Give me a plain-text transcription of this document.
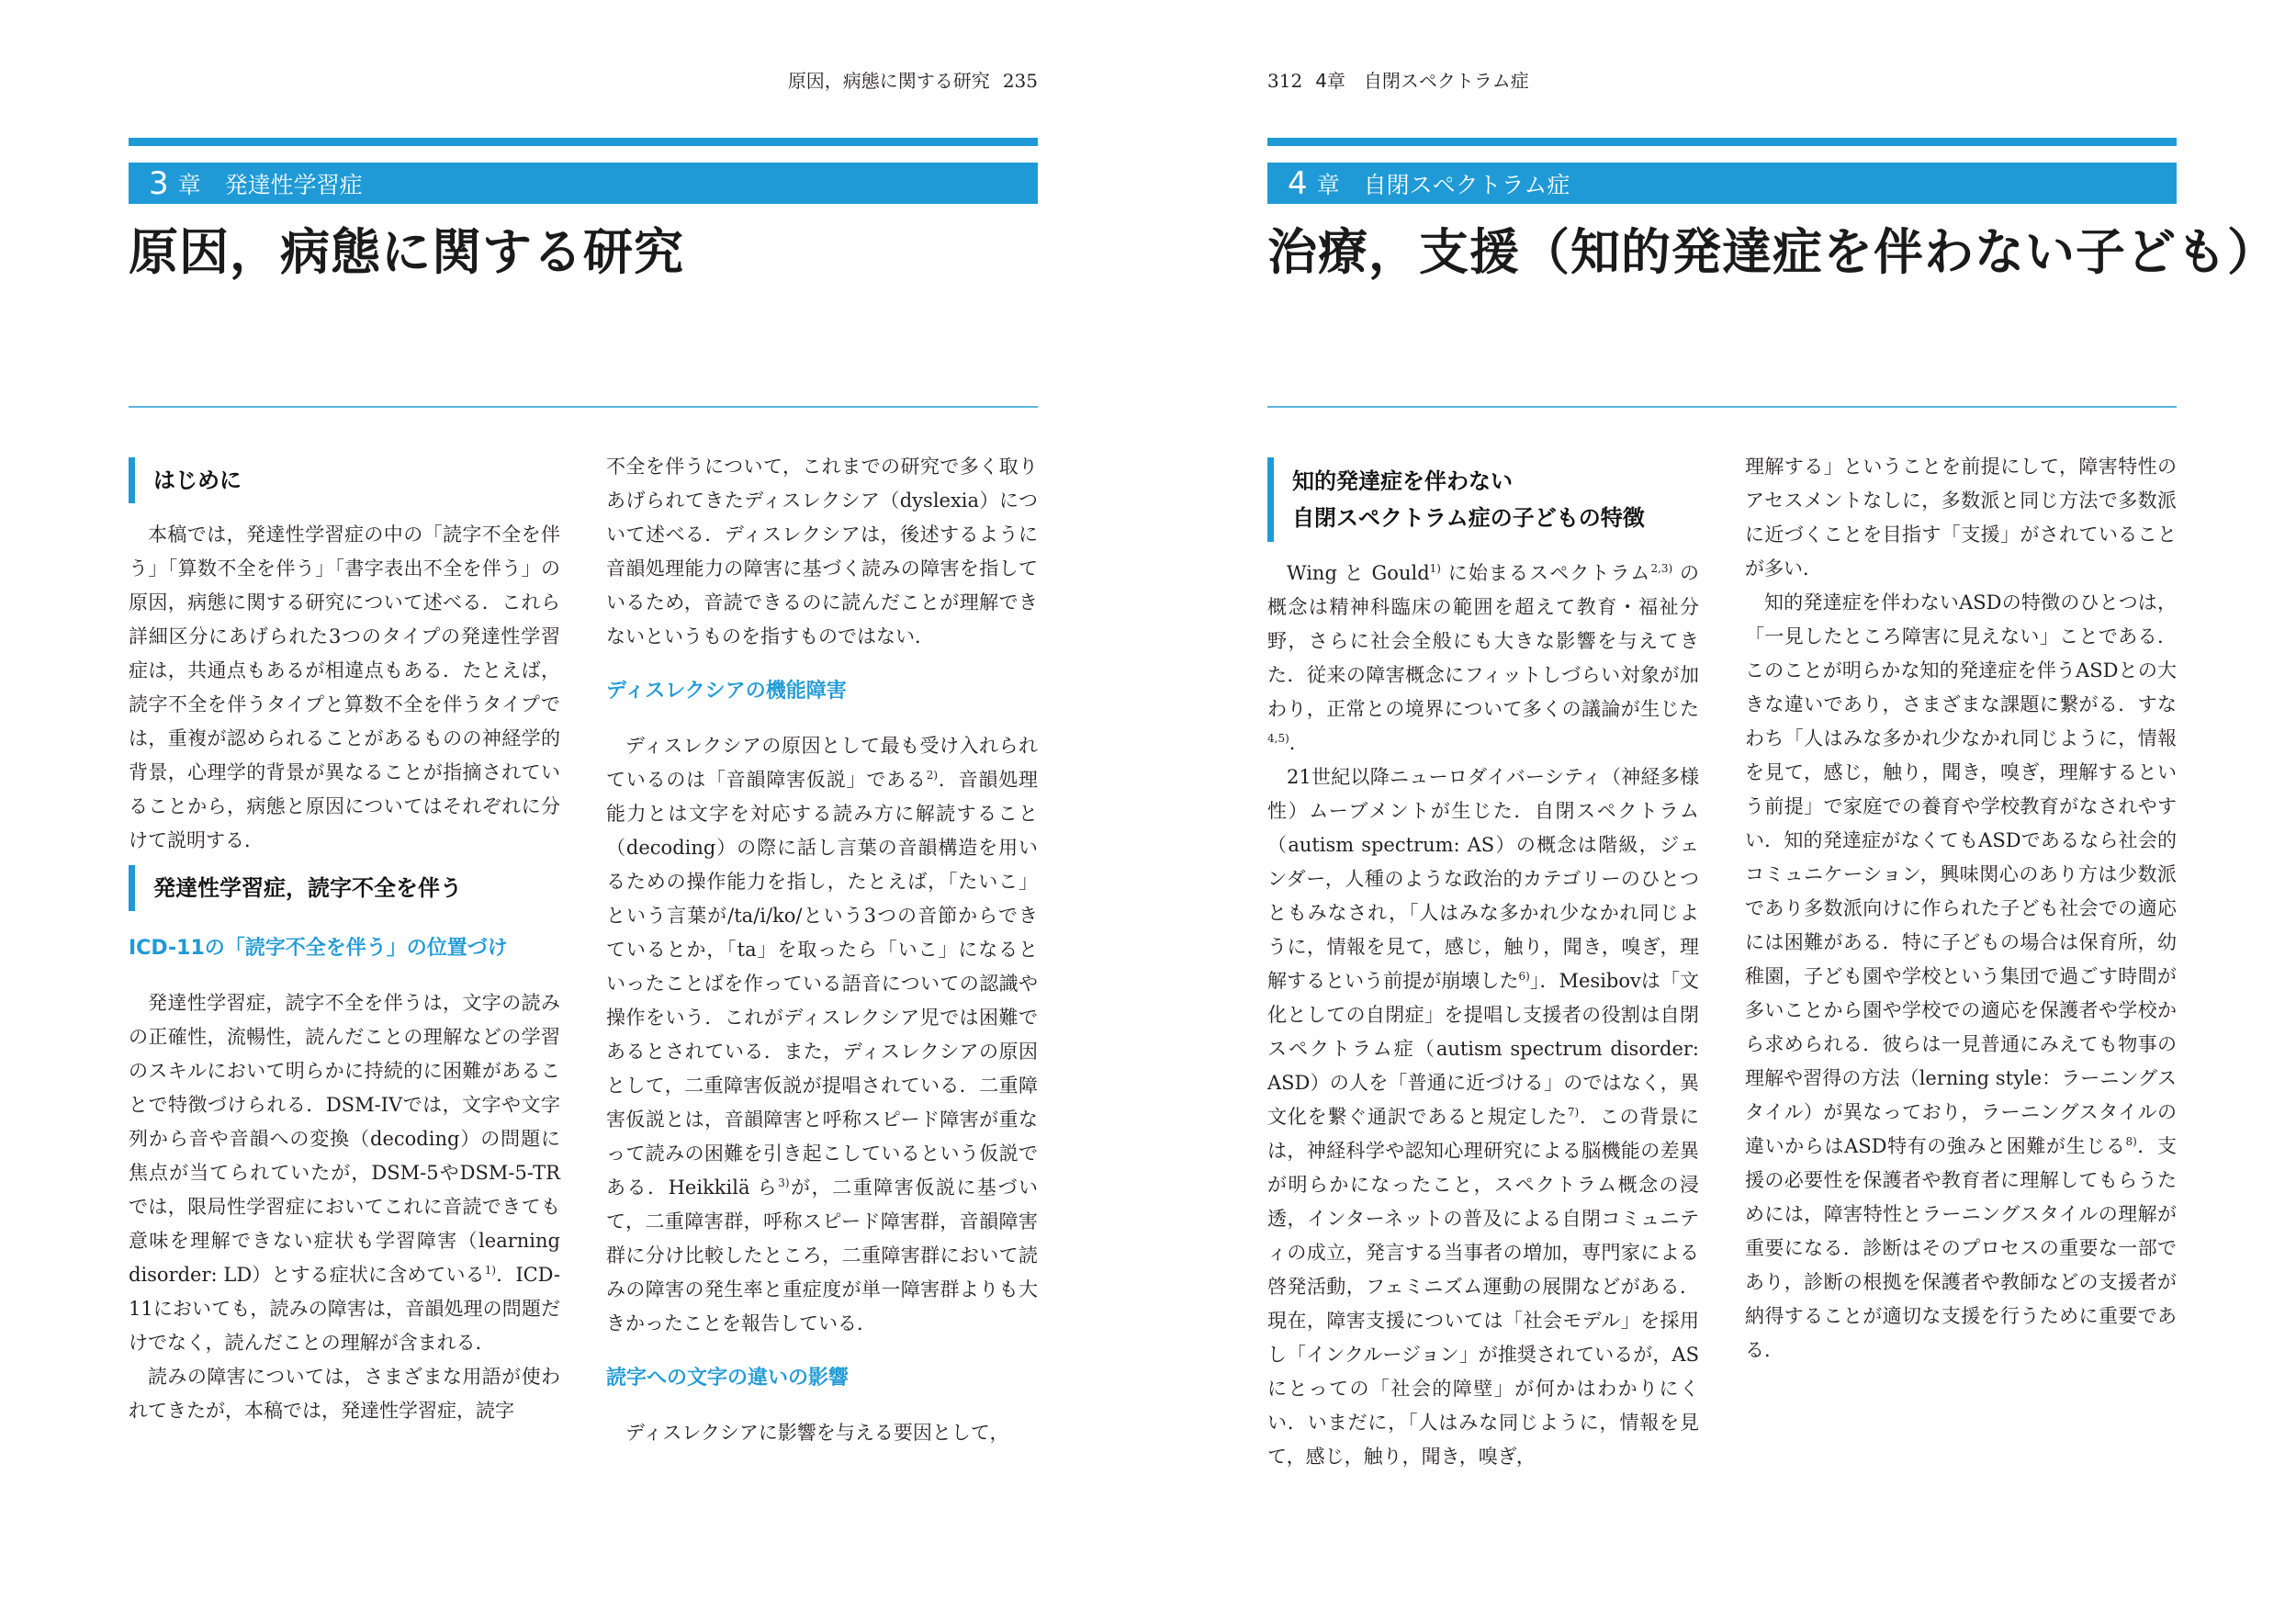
原因，病態に関する研究 235
3 章 発達性学習症
原因，病態に関する研究
はじめに

本稿では，発達性学習症の中の「読字不全を伴う」「算数不全を伴う」「書字表出不全を伴う」の原因，病態に関する研究について述べる．これら詳細区分にあげられた3つのタイプの発達性学習症は，共通点もあるが相違点もある．たとえば，読字不全を伴うタイプと算数不全を伴うタイプでは，重複が認められることがあるものの神経学的背景，心理学的背景が異なることが指摘されていることから，病態と原因についてはそれぞれに分けて説明する．

発達性学習症，読字不全を伴う
ICD-11の「読字不全を伴う」の位置づけ

発達性学習症，読字不全を伴うは，文字の読みの正確性，流暢性，読んだことの理解などの学習のスキルにおいて明らかに持続的に困難があることで特徴づけられる．DSM-IVでは，文字や文字列から音や音韻への変換（decoding）の問題に焦点が当てられていたが，DSM-5やDSM-5-TRでは，限局性学習症においてこれに音読できても意味を理解できない症状も学習障害（learning disorder: LD）とする症状に含めている$^{1)}$．ICD-11においても，読みの障害は，音韻処理の問題だけでなく，読んだことの理解が含まれる．

読みの障害については，さまざまな用語が使われてきたが，本稿では，発達性学習症，読字

不全を伴うについて，これまでの研究で多く取りあげられてきたディスレクシア（dyslexia）について述べる．ディスレクシアは，後述するように音韻処理能力の障害に基づく読みの障害を指しているため，音読できるのに読んだことが理解できないというものを指すものではない．

ディスレクシアの機能障害

ディスレクシアの原因として最も受け入れられているのは「音韻障害仮説」である$^{2)}$．音韻処理能力とは文字を対応する読み方に解読すること（decoding）の際に話し言葉の音韻構造を用いるための操作能力を指し，たとえば，「たいこ」という言葉が/ta/i/ko/という3つの音節からできているとか，「ta」を取ったら「いこ」になるといったことばを作っている語音についての認識や操作をいう．これがディスレクシア児では困難であるとされている．また，ディスレクシアの原因として，二重障害仮説が提唱されている．二重障害仮説とは，音韻障害と呼称スピード障害が重なって読みの困難を引き起こしているという仮説である．Heikkilä ら$^{3)}$が，二重障害仮説に基づいて，二重障害群，呼称スピード障害群，音韻障害群に分け比較したところ，二重障害群において読みの障害の発生率と重症度が単一障害群よりも大きかったことを報告している．

読字への文字の違いの影響

ディスレクシアに影響を与える要因として，

312 4章　自閉スペクトラム症
4 章 自閉スペクトラム症
治療，支援（知的発達症を伴わない子ども）
知的発達症を伴わない
自閉スペクトラム症の子どもの特徴

Wing と Gould$^{1)}$ に始まるスペクトラム$^{2,3)}$ の概念は精神科臨床の範囲を超えて教育・福祉分野，さらに社会全般にも大きな影響を与えてきた．従来の障害概念にフィットしづらい対象が加わり，正常との境界について多くの議論が生じた$^{4,5)}$．

21世紀以降ニューロダイバーシティ（神経多様性）ムーブメントが生じた．自閉スペクトラム（autism spectrum: AS）の概念は階級，ジェンダー，人種のような政治的カテゴリーのひとつともみなされ，「人はみな多かれ少なかれ同じように，情報を見て，感じ，触り，聞き，嗅ぎ，理解するという前提が崩壊した$^{6)}$」．Mesibovは「文化としての自閉症」を提唱し支援者の役割は自閉スペクトラム症（autism spectrum disorder: ASD）の人を「普通に近づける」のではなく，異文化を繋ぐ通訳であると規定した$^{7)}$．この背景には，神経科学や認知心理研究による脳機能の差異が明らかになったこと，スペクトラム概念の浸透，インターネットの普及による自閉コミュニティの成立，発言する当事者の増加，専門家による啓発活動，フェミニズム運動の展開などがある．現在，障害支援については「社会モデル」を採用し「インクルージョン」が推奨されているが，ASにとっての「社会的障壁」が何かはわかりにくい．いまだに，「人はみな同じように，情報を見て，感じ，触り，聞き，嗅ぎ，

理解する」ということを前提にして，障害特性のアセスメントなしに，多数派と同じ方法で多数派に近づくことを目指す「支援」がされていることが多い．

知的発達症を伴わないASDの特徴のひとつは，「一見したところ障害に見えない」ことである．このことが明らかな知的発達症を伴うASDとの大きな違いであり，さまざまな課題に繋がる．すなわち「人はみな多かれ少なかれ同じように，情報を見て，感じ，触り，聞き，嗅ぎ，理解するという前提」で家庭での養育や学校教育がなされやすい．知的発達症がなくてもASDであるなら社会的コミュニケーション，興味関心のあり方は少数派であり多数派向けに作られた子ども社会での適応には困難がある．特に子どもの場合は保育所，幼稚園，子ども園や学校という集団で過ごす時間が多いことから園や学校での適応を保護者や学校から求められる．彼らは一見普通にみえても物事の理解や習得の方法（lerning style：ラーニングスタイル）が異なっており，ラーニングスタイルの違いからはASD特有の強みと困難が生じる$^{8)}$．支援の必要性を保護者や教育者に理解してもらうためには，障害特性とラーニングスタイルの理解が重要になる．診断はそのプロセスの重要な一部であり，診断の根拠を保護者や教師などの支援者が納得することが適切な支援を行うために重要である．
